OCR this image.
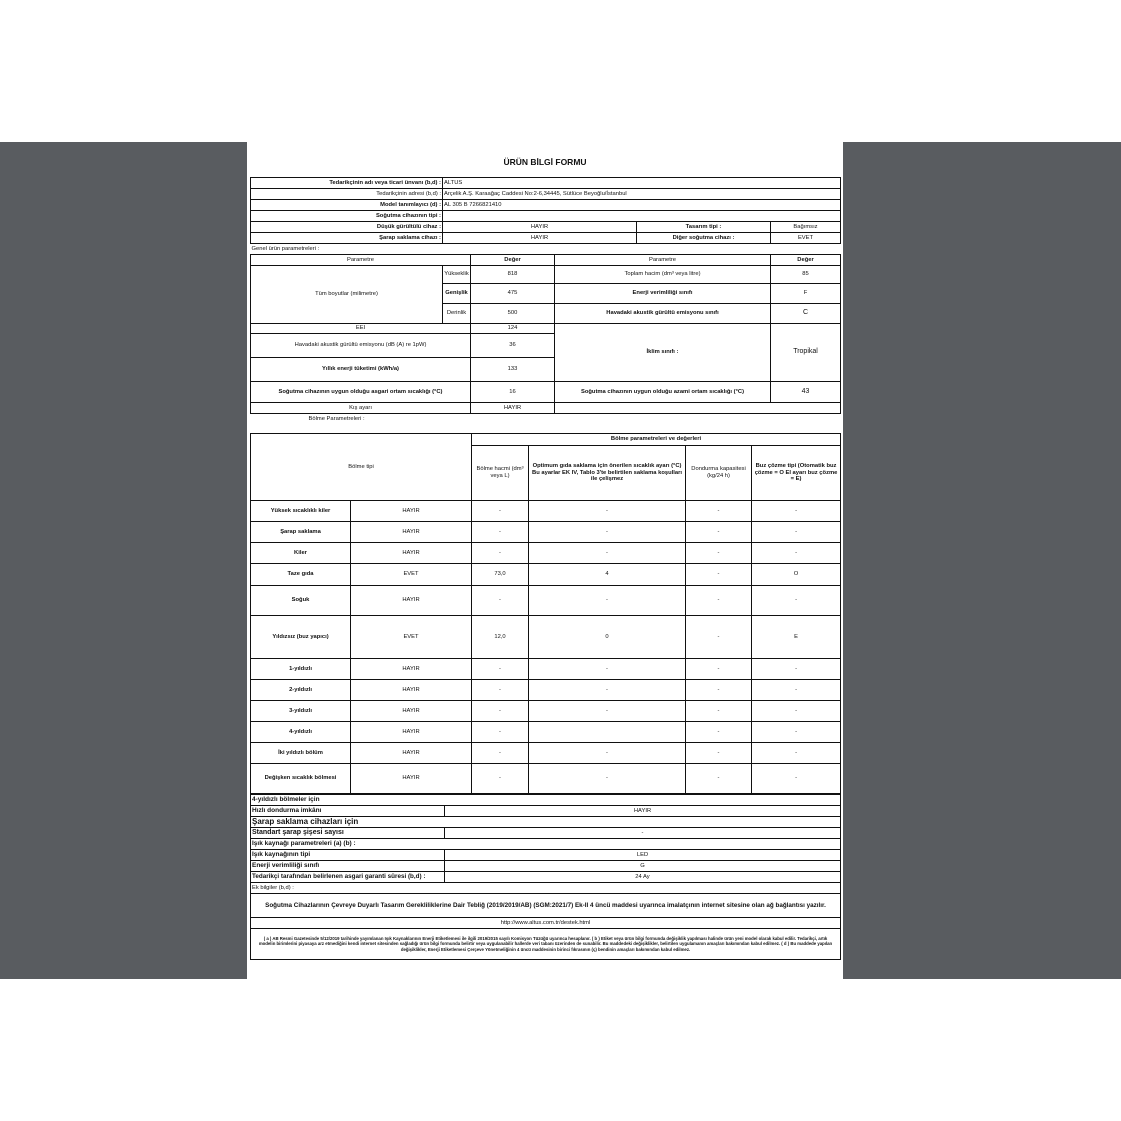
ÜRÜN BİLGİ FORMU
Tedarikçinin adı veya ticari ünvanı (b,d) :	ALTUS				
Tedarikçinin adresi (b,d) :	Arçelik A.Ş. Karaağaç Caddesi No:2-6,34445, Sütlüce Beyoğlu/İstanbul				
Model tanımlayıcı (d) :	AL 305 B 7266821410				
Soğutma cihazının tipi :					
Düşük gürültülü cihaz :	HAYIR			Tasarım tipi :	Bağımsız
Şarap saklama cihazı :	HAYIR			Diğer soğutma cihazı :	EVET
Genel ürün parametreleri :					
Parametre		Değer	Parametre		Değer
Tüm boyutlar (milimetre)	Yükseklik	818	Toplam hacim (dm³ veya litre)		85
	Genişlik	475	Enerji verimliliği sınıfı		F
	Derinlik	500	Havadaki akustik gürültü emisyonu sınıfı		C
EEI		124	İklim sınıfı :		Tropikal
Havadaki akustik gürültü emisyonu (dB (A) re 1pW)		36			
Yıllık enerji tüketimi (kWh/a)		133			
Soğutma cihazının uygun olduğu asgari ortam sıcaklığı (°C)		16	Soğutma cihazının uygun olduğu azami ortam sıcaklığı (°C)		43
Kış ayarı		HAYIR			
Bölme Parametreleri :					
Bölme tipi		Bölme parametreleri ve değerleri			
		Bölme hacmi (dm³ veya L)	Optimum gıda saklama için önerilen sıcaklık ayarı (°C) Bu ayarlar EK IV, Tablo 3'te belirtilen saklama koşulları ile çelişmez	Dondurma kapasitesi (kg/24 h)	Buz çözme tipi (Otomatik buz çözme = O El ayarı buz çözme = E)
Yüksek sıcaklıklı kiler	HAYIR	-	-	-	-
Şarap saklama	HAYIR	-	-	-	-
Kiler	HAYIR	-	-	-	-
Taze gıda	EVET	73,0	4	-	O
Soğuk	HAYIR	-	-	-	-
Yıldızsız (buz yapıcı)	EVET	12,0	0	-	E
1-yıldızlı	HAYIR	-	-	-	-
2-yıldızlı	HAYIR	-	-	-	-
3-yıldızlı	HAYIR	-	-	-	-
4-yıldızlı	HAYIR	-		-	-
İki yıldızlı bölüm	HAYIR	-	-	-	-
Değişken sıcaklık bölmesi	HAYIR	-	-	-	-
4-yıldızlı bölmeler için	
Hızlı dondurma imkânı	HAYIR
Şarap saklama cihazları için	
Standart şarap şişesi sayısı	-
Işık kaynağı parametreleri (a) (b) :	
Işık kaynağının tipi	LED
Enerji verimliliği sınıfı	G
Tedarikçi tarafından belirlenen asgari garanti süresi (b,d) :	24 Ay
Ek bilgiler (b,d) :	
Soğutma Cihazlarının Çevreye Duyarlı Tasarım Gerekliliklerine Dair Tebliğ (2019/2019/AB) (SGM:2021/7) Ek-II 4 üncü maddesi uyarınca imalatçının internet sitesine olan ağ bağlantısı yazılır.	
http://www.altus.com.tr/destek.html	
( a ) AB Resmi Gazetesinde 5/12/2019 tarihinde yayımlanan Işık Kaynaklarının Enerji Etiketlemesi ile ilgili 2019/2015 sayılı Komisyon Tüzüğü uyarınca hesaplanır. ( b ) Etiket veya ürün bilgi formunda değişiklik yapılması halinde ürün yeni model olarak kabul edilir. Tedarikçi, artık modelin birimlerini piyasaya arz etmediğini kendi internet sitesinden sağladığı ürün bilgi formunda belirtir veya uygulanabilir hallerde veri tabanı üzerinden de sunabilir. Bu maddedeki değişiklikler, belirtilen uygulamanın amaçları bakımından kabul edilmez. ( d ) Bu maddede yapılan değişiklikler, Enerji Etiketlemesi Çerçeve Yönetmeliğinin 4 üncü maddesinin birinci fıkrasının (ç) bendinin amaçları bakımından kabul edilmez.	
